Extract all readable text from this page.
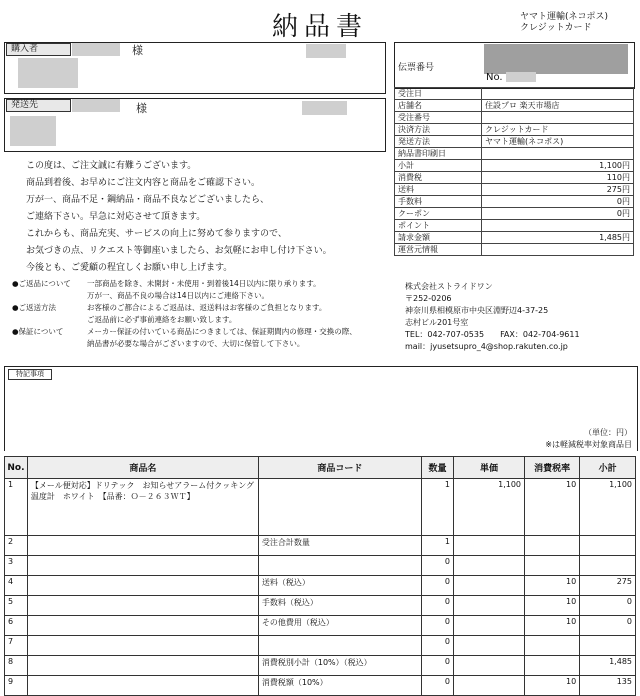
納品書	ヤマト運輸(ネコポス)
クレジットカード
購入者	様
発送先	様
伝票番号
No.
受注日	
店舗名	住設プロ 楽天市場店
受注番号	
決済方法	クレジットカード
発送方法	ヤマト運輸(ネコポス)
納品書印刷日	
小計	1,100円
消費税	110円
送料	275円
手数料	0円
クーポン	0円
ポイント	
請求金額	1,485円
運営元情報	
この度は、ご注文誠に有難うございます。
商品到着後、お早めにご注文内容と商品をご確認下さい。
万が一、商品不足・鋼納品・商品不良などございましたら、
ご連絡下さい。早急に対応させて頂きます。
これからも、商品充実、サービスの向上に努めて参りますので、
お気づきの点、リクエスト等御座いましたら、お気軽にお申し付け下さい。
今後とも、ご愛顧の程宜しくお願い申し上げます。
●ご返品について	一部商品を除き、未開封・未使用・到着後14日以内に限り承ります。
万が一、商品不良の場合は14日以内にご連絡下さい。
●ご返送方法	お客様のご都合によるご返品は、返送料はお客様のご負担となります。
ご返品前に必ず事前連絡をお願い致します。
●保証について	メーカー保証の付いている商品につきましては、保証期間内の修理・交換の際、
納品書が必要な場合がございますので、大切に保管して下さい。
株式会社ストライドワン
〒252-0206
神奈川県相模原市中央区淵野辺4-37-25
志村ビル201号室
TEL：042-707-0535　　FAX：042-704-9611
mail：jyusetsupro_4@shop.rakuten.co.jp
特記事項
（単位：円）
※は軽減税率対象商品目
No.	商品名	商品コード	数量	単価	消費税率	小計
1	【メール便対応】ドリテック　お知らせアラーム付クッキング温度計　ホワイト　【品番：Ｏ－２６３ＷＴ】		1	1,100	10	1,100
2		受注合計数量	1			
3			0			
4		送料（税込）	0		10	275
5		手数料（税込）	0		10	0
6		その他費用（税込）	0		10	0
7			0			
8		消費税別小計（10%）（税込）	0			1,485
9		消費税額（10%）	0		10	135
